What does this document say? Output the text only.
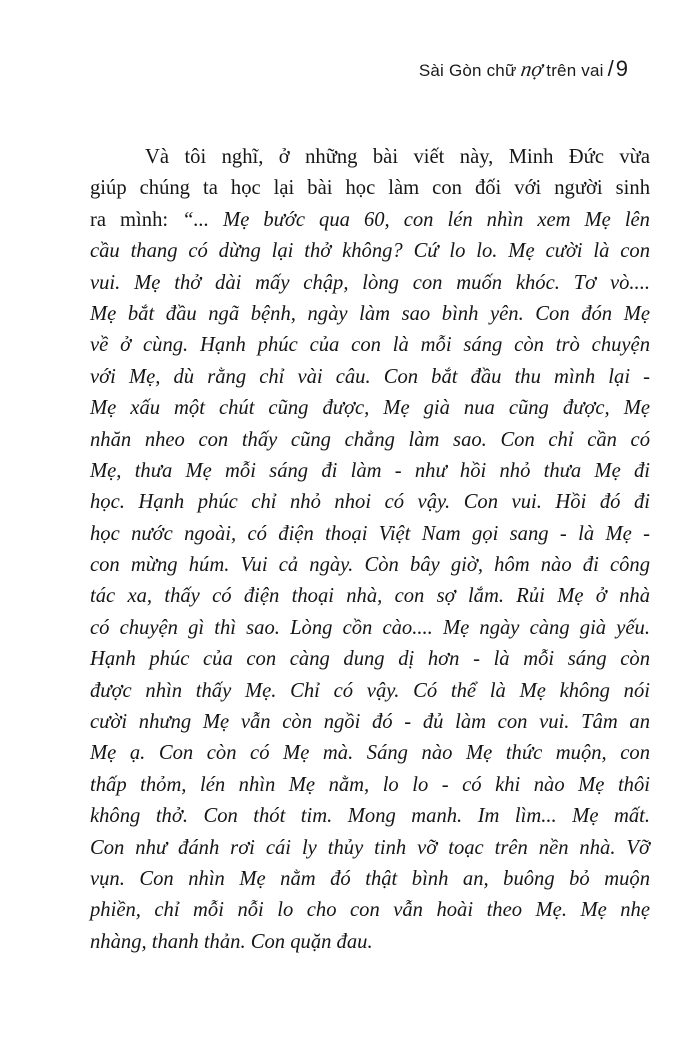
Sài Gòn chữ nợ trên vai / 9
Và tôi nghĩ, ở những bài viết này, Minh Đức vừa
giúp chúng ta học lại bài học làm con đối với người sinh
ra mình: “... Mẹ bước qua 60, con lén nhìn xem Mẹ lên
cầu thang có dừng lại thở không? Cứ lo lo. Mẹ cười là con
vui. Mẹ thở dài mấy chập, lòng con muốn khóc. Tơ vò....
Mẹ bắt đầu ngã bệnh, ngày làm sao bình yên. Con đón Mẹ
về ở cùng. Hạnh phúc của con là mỗi sáng còn trò chuyện
với Mẹ, dù rằng chỉ vài câu. Con bắt đầu thu mình lại -
Mẹ xấu một chút cũng được, Mẹ già nua cũng được, Mẹ
nhăn nheo con thấy cũng chẳng làm sao. Con chỉ cần có
Mẹ, thưa Mẹ mỗi sáng đi làm - như hồi nhỏ thưa Mẹ đi
học. Hạnh phúc chỉ nhỏ nhoi có vậy. Con vui. Hồi đó đi
học nước ngoài, có điện thoại Việt Nam gọi sang - là Mẹ -
con mừng húm. Vui cả ngày. Còn bây giờ, hôm nào đi công
tác xa, thấy có điện thoại nhà, con sợ lắm. Rủi Mẹ ở nhà
có chuyện gì thì sao. Lòng cồn cào.... Mẹ ngày càng già yếu.
Hạnh phúc của con càng dung dị hơn - là mỗi sáng còn
được nhìn thấy Mẹ. Chỉ có vậy. Có thể là Mẹ không nói
cười nhưng Mẹ vẫn còn ngồi đó - đủ làm con vui. Tâm an
Mẹ ạ. Con còn có Mẹ mà. Sáng nào Mẹ thức muộn, con
thấp thỏm, lén nhìn Mẹ nằm, lo lo - có khi nào Mẹ thôi
không thở. Con thót tim. Mong manh. Im lìm... Mẹ mất.
Con như đánh rơi cái ly thủy tinh vỡ toạc trên nền nhà. Vỡ
vụn. Con nhìn Mẹ nằm đó thật bình an, buông bỏ muộn
phiền, chỉ mỗi nỗi lo cho con vẫn hoài theo Mẹ. Mẹ nhẹ
nhàng, thanh thản. Con quặn đau.
